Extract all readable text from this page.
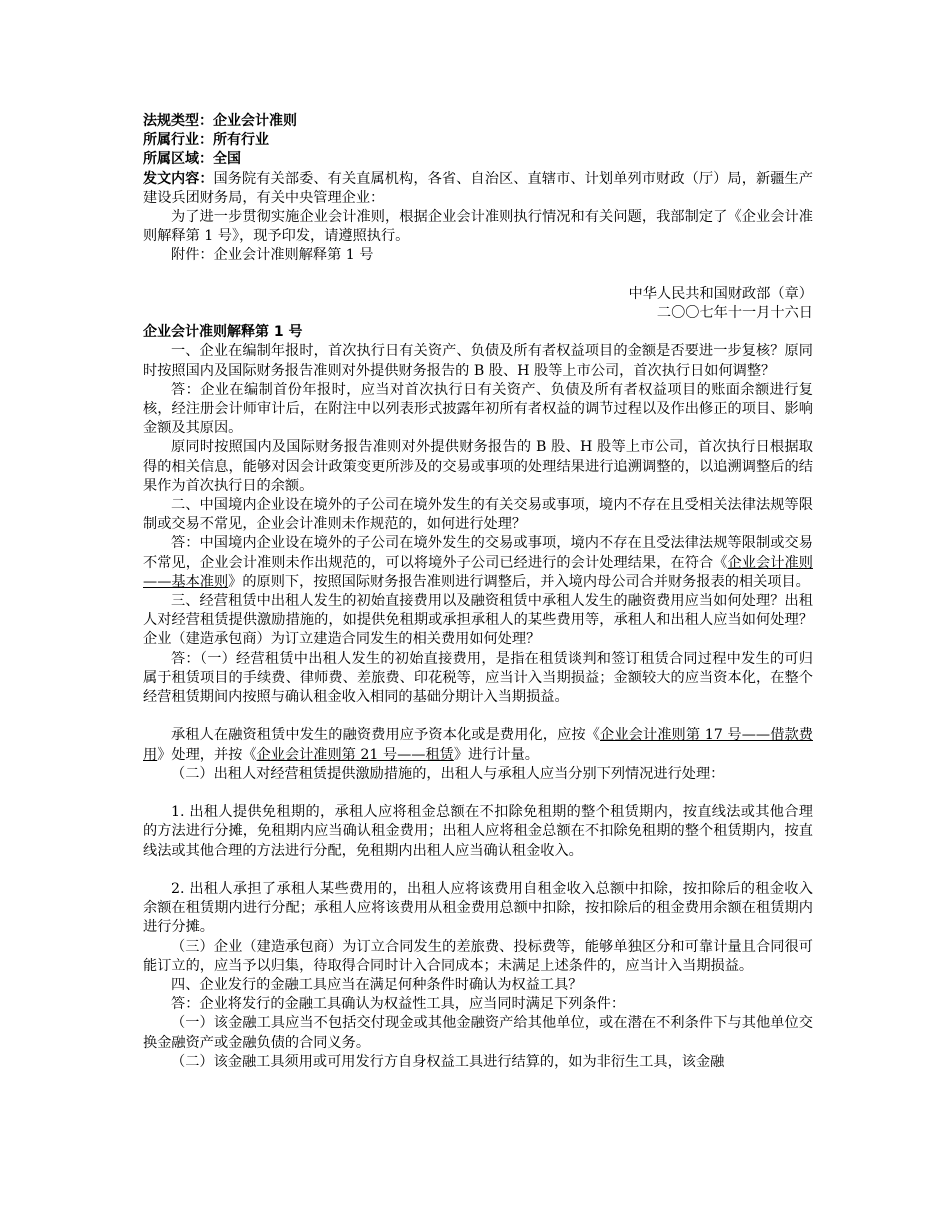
法规类型：企业会计准则

所属行业：所有行业

所属区域：全国

发文内容：国务院有关部委、有关直属机构，各省、自治区、直辖市、计划单列市财政（厅）局，新疆生产建设兵团财务局，有关中央管理企业：

为了进一步贯彻实施企业会计准则，根据企业会计准则执行情况和有关问题，我部制定了《企业会计准则解释第 1 号》，现予印发，请遵照执行。

附件：企业会计准则解释第 1 号

中华人民共和国财政部（章）

二〇〇七年十一月十六日

企业会计准则解释第 1 号

一、企业在编制年报时，首次执行日有关资产、负债及所有者权益项目的金额是否要进一步复核？原同时按照国内及国际财务报告准则对外提供财务报告的 B 股、H 股等上市公司，首次执行日如何调整？

答：企业在编制首份年报时，应当对首次执行日有关资产、负债及所有者权益项目的账面余额进行复核，经注册会计师审计后，在附注中以列表形式披露年初所有者权益的调节过程以及作出修正的项目、影响金额及其原因。

原同时按照国内及国际财务报告准则对外提供财务报告的 B 股、H 股等上市公司，首次执行日根据取得的相关信息，能够对因会计政策变更所涉及的交易或事项的处理结果进行追溯调整的，以追溯调整后的结果作为首次执行日的余额。

二、中国境内企业设在境外的子公司在境外发生的有关交易或事项，境内不存在且受相关法律法规等限制或交易不常见，企业会计准则未作规范的，如何进行处理？

答：中国境内企业设在境外的子公司在境外发生的交易或事项，境内不存在且受法律法规等限制或交易不常见，企业会计准则未作出规范的，可以将境外子公司已经进行的会计处理结果，在符合《企业会计准则——基本准则》的原则下，按照国际财务报告准则进行调整后，并入境内母公司合并财务报表的相关项目。

三、经营租赁中出租人发生的初始直接费用以及融资租赁中承租人发生的融资费用应当如何处理？出租人对经营租赁提供激励措施的，如提供免租期或承担承租人的某些费用等，承租人和出租人应当如何处理？企业（建造承包商）为订立建造合同发生的相关费用如何处理？

答：（一）经营租赁中出租人发生的初始直接费用，是指在租赁谈判和签订租赁合同过程中发生的可归属于租赁项目的手续费、律师费、差旅费、印花税等，应当计入当期损益；金额较大的应当资本化，在整个经营租赁期间内按照与确认租金收入相同的基础分期计入当期损益。

承租人在融资租赁中发生的融资费用应予资本化或是费用化，应按《企业会计准则第 17 号——借款费用》处理，并按《企业会计准则第 21 号——租赁》进行计量。

（二）出租人对经营租赁提供激励措施的，出租人与承租人应当分别下列情况进行处理：

1. 出租人提供免租期的，承租人应将租金总额在不扣除免租期的整个租赁期内，按直线法或其他合理的方法进行分摊，免租期内应当确认租金费用；出租人应将租金总额在不扣除免租期的整个租赁期内，按直线法或其他合理的方法进行分配，免租期内出租人应当确认租金收入。

2. 出租人承担了承租人某些费用的，出租人应将该费用自租金收入总额中扣除，按扣除后的租金收入余额在租赁期内进行分配；承租人应将该费用从租金费用总额中扣除，按扣除后的租金费用余额在租赁期内进行分摊。

（三）企业（建造承包商）为订立合同发生的差旅费、投标费等，能够单独区分和可靠计量且合同很可能订立的，应当予以归集，待取得合同时计入合同成本；未满足上述条件的，应当计入当期损益。

四、企业发行的金融工具应当在满足何种条件时确认为权益工具？

答：企业将发行的金融工具确认为权益性工具，应当同时满足下列条件：

（一）该金融工具应当不包括交付现金或其他金融资产给其他单位，或在潜在不利条件下与其他单位交换金融资产或金融负债的合同义务。

（二）该金融工具须用或可用发行方自身权益工具进行结算的，如为非衍生工具，该金融
